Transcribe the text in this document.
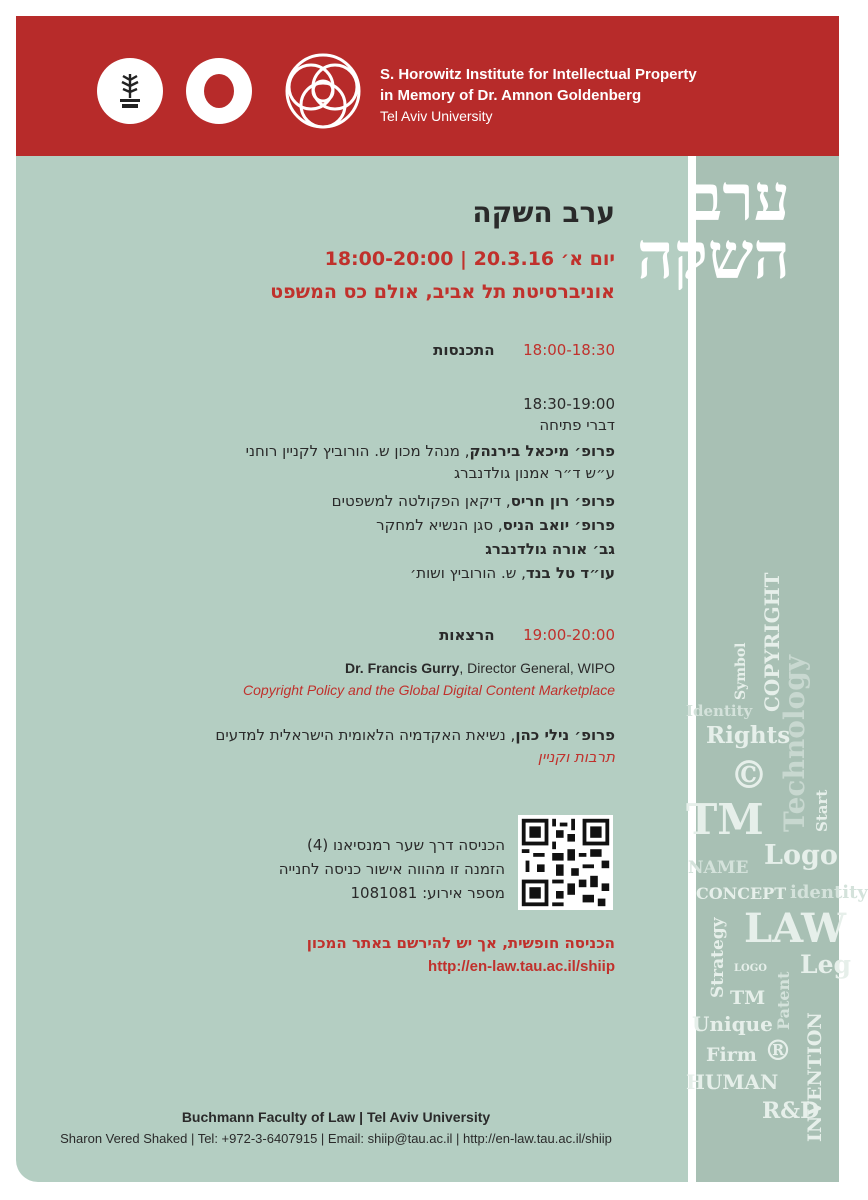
S. Horowitz Institute for Intellectual Property
in Memory of Dr. Amnon Goldenberg
Tel Aviv University
ערב השקה
COPYRIGHT
Symbol Technology
Identity
Rights
©
Start
TM
Logo
NAME
CONCEPT identity
LAW
Strategy LOGO
Patent
Leg
TM
Unique INVENTION
Firm ®
HUMAN
R&D
ערב השקה
יום א׳ 20.3.16 | 18:00-20:00
אוניברסיטת תל אביב, אולם כס המשפט
18:00-18:30      התכנסות
18:30-19:00
דברי פתיחה
פרופ׳ מיכאל בירנהק, מנהל מכון ש. הורוביץ לקניין רוחני
ע״ש ד״ר אמנון גולדנברג
פרופ׳ רון חריס, דיקאן הפקולטה למשפטים
פרופ׳ יואב הניס, סגן הנשיא למחקר
גב׳ אורה גולדנברג
עו״ד טל בנד, ש. הורוביץ ושות׳
19:00-20:00      הרצאות
Dr. Francis Gurry, Director General, WIPO
Copyright Policy and the Global Digital Content Marketplace
פרופ׳ נילי כהן, נשיאת האקדמיה הלאומית הישראלית למדעים
תרבות וקניין
הכניסה דרך שער רמנסיאנו (4)
הזמנה זו מהווה אישור כניסה לחנייה
מספר אירוע: 1081081
הכניסה חופשית, אך יש להירשם באתר המכון
http://en-law.tau.ac.il/shiip
Buchmann Faculty of Law | Tel Aviv University
Sharon Vered Shaked | Tel: +972-3-6407915 | Email: shiip@tau.ac.il | http://en-law.tau.ac.il/shiip
